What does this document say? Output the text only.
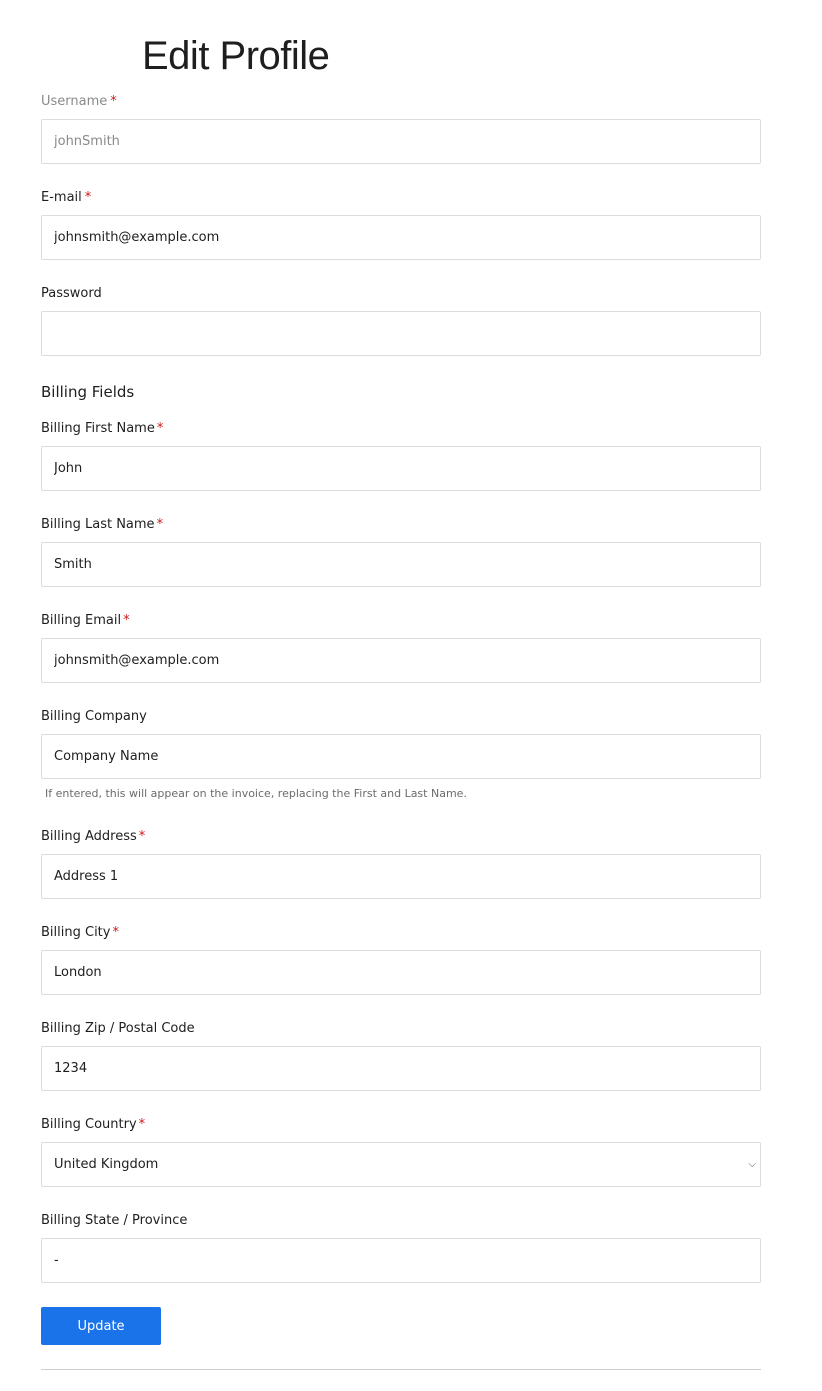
Edit Profile
Username *
johnSmith
E-mail *
johnsmith@example.com
Password
Billing Fields
Billing First Name *
John
Billing Last Name *
Smith
Billing Email *
johnsmith@example.com
Billing Company
Company Name
If entered, this will appear on the invoice, replacing the First and Last Name.
Billing Address *
Address 1
Billing City *
London
Billing Zip / Postal Code
1234
Billing Country *
United Kingdom	⌵
Billing State / Province
-
Update
